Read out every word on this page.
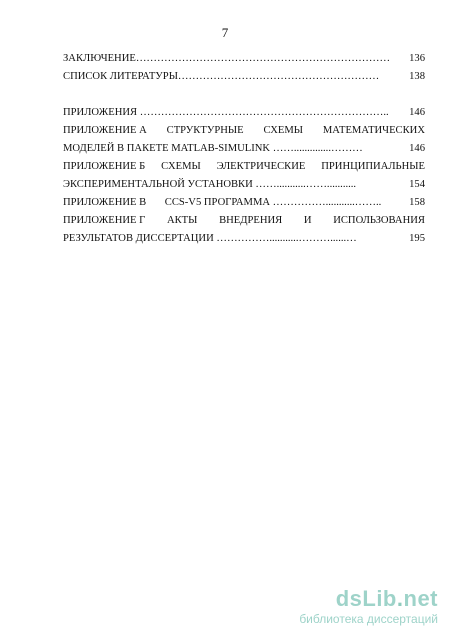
7
ЗАКЛЮЧЕНИЕ……………………………………………………………… 136
СПИСОК ЛИТЕРАТУРЫ…………………………………………………	138
ПРИЛОЖЕНИЯ …………………………………………………………….. 146
ПРИЛОЖЕНИЕ А СТРУКТУРНЫЕ СХЕМЫ МАТЕМАТИЧЕСКИХ
МОДЕЛЕЙ В ПАКЕТЕ MATLAB-SIMULINK ……..............………	146
ПРИЛОЖЕНИЕ Б СХЕМЫ ЭЛЕКТРИЧЕСКИЕ ПРИНЦИПИАЛЬНЫЕ
ЭКСПЕРИМЕНТАЛЬНОЙ УСТАНОВКИ ……...........……...........	154
ПРИЛОЖЕНИЕ В       CCS-V5 ПРОГРАММА ……………...........……..	158
ПРИЛОЖЕНИЕ Г АКТЫ ВНЕДРЕНИЯ И ИСПОЛЬЗОВАНИЯ
РЕЗУЛЬТАТОВ ДИССЕРТАЦИИ ……………...........………......…	195
dsLib.net
библиотека диссертаций
